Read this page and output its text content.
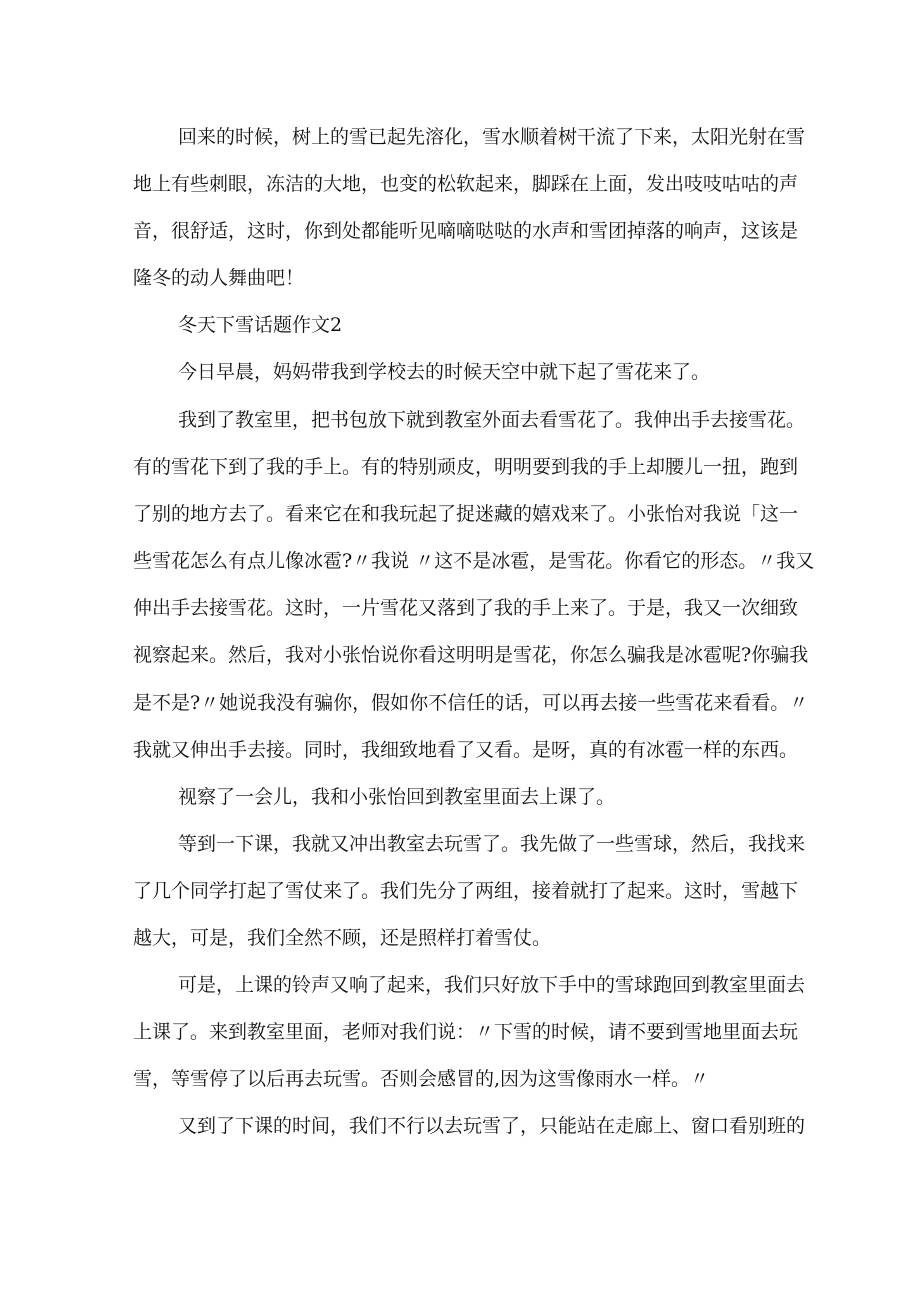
回来的时候，树上的雪已起先溶化，雪水顺着树干流了下来，太阳光射在雪
地上有些刺眼，冻洁的大地，也变的松软起来，脚踩在上面，发出吱吱咕咕的声
音，很舒适，这时，你到处都能听见嘀嘀哒哒的水声和雪团掉落的响声，这该是
隆冬的动人舞曲吧！
冬天下雪话题作文2
今日早晨，妈妈带我到学校去的时候天空中就下起了雪花来了。
我到了教室里，把书包放下就到教室外面去看雪花了。我伸出手去接雪花。
有的雪花下到了我的手上。有的特别顽皮，明明要到我的手上却腰儿一扭，跑到
了别的地方去了。看来它在和我玩起了捉迷藏的嬉戏来了。小张怡对我说「这一
些雪花怎么有点儿像冰雹?〃我说 〃这不是冰雹，是雪花。你看它的形态。〃我又
伸出手去接雪花。这时，一片雪花又落到了我的手上来了。于是，我又一次细致
视察起来。然后，我对小张怡说你看这明明是雪花，你怎么骗我是冰雹呢?你骗我
是不是?〃她说我没有骗你，假如你不信任的话，可以再去接一些雪花来看看。〃
我就又伸出手去接。同时，我细致地看了又看。是呀，真的有冰雹一样的东西。
视察了一会儿，我和小张怡回到教室里面去上课了。
等到一下课，我就又冲出教室去玩雪了。我先做了一些雪球，然后，我找来
了几个同学打起了雪仗来了。我们先分了两组，接着就打了起来。这时，雪越下
越大，可是，我们全然不顾，还是照样打着雪仗。
可是，上课的铃声又响了起来，我们只好放下手中的雪球跑回到教室里面去
上课了。来到教室里面，老师对我们说：〃下雪的时候，请不要到雪地里面去玩
雪，等雪停了以后再去玩雪。否则会感冒的,因为这雪像雨水一样。〃
又到了下课的时间，我们不行以去玩雪了，只能站在走廊上、窗口看别班的
